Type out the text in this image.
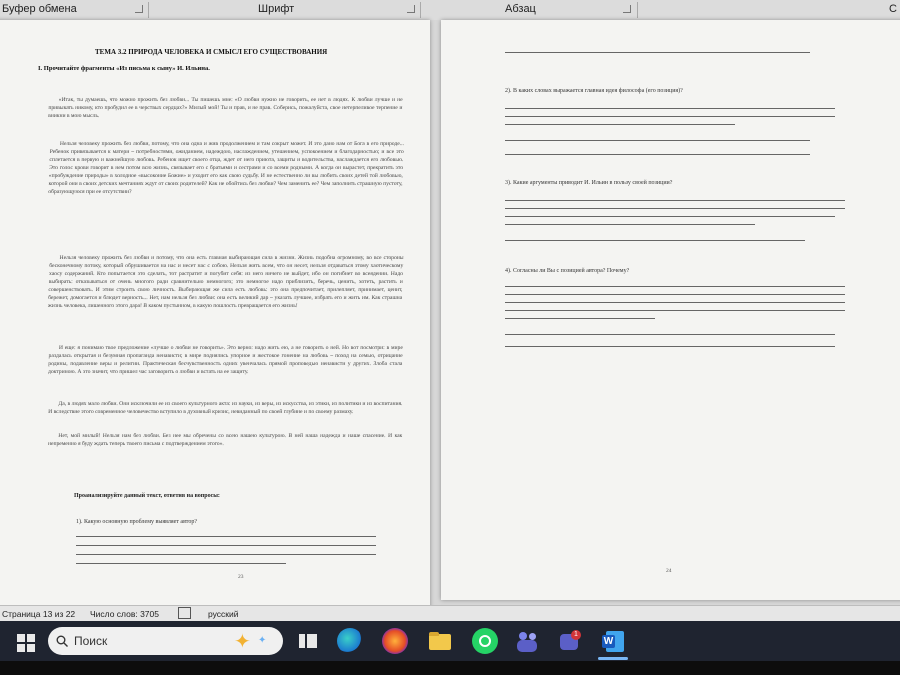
Буфер обмена	Шрифт	Абзац	С
ТЕМА 3.2 ПРИРОДА ЧЕЛОВЕКА И СМЫСЛ ЕГО СУЩЕСТВОВАНИЯ
I. Прочитайте фрагменты «Из письма к сыну» И. Ильина.
«Итак, ты думаешь, что можно прожить без любви... Ты пишешь мне: «О любви нужно не говорить, ее нет в людях. К любви лучше и не привыкать никому, кто пробудил ее в черствых сердцах?» Милый мой! Ты и прав, и не прав. Соберись, пожалуйста, свое нетерпеливое терпение и вникни в мою мысль.
Нельзя человеку прожить без любви, потому, что она одна и жив продолжением и там сокрыт может. И это дано нам от Бога в его природе... Ребенок привязывается к матери – потребностями, ожиданием, надеждою, наслаждением, утешением, успокоением и благодарностью; и все это сплетается в первую и важнейшую любовь. Ребенок ищет своего отца, ждет от него приюта, защиты и водительства, наслаждается его любовью. Это голос крови говорит в нем потом всю жизнь, связывает его с братьями и сестрами и со всеми родными. А когда он вырастет, прекратить это «пробуждение природы» в холодное «высоконие Божие» и уходит его как свою судьбу. И не естественно ли вы любить своих детей той любовью, которой они в своих детских мечтаниях ждут от своих родителей? Как не обойтись без любви? Чем заменить ее? Чем заполнить страшную пустоту, образующуюся при ее отсутствии?
Нельзя человеку прожить без любви и потому, что она есть главная выбирающая сила в жизни. Жизнь подобна огромному, во все стороны бесконечному потоку, который обрушивается на нас и несет нас с собою. Нельзя жить всем, что он несет, нельзя отдаваться этому хаотическому хаосу содержаний. Кто попытается это сделать, тот растратит и погубит себя: из него ничего не выйдет, ибо он погибнет во всеядении. Надо выбирать: отказываться от очень многого ради сравнительно немногого; это немногое надо приблизить, беречь, ценить, хотеть, растить и совершенствовать. И этим строить свою личность. Выбирающая же сила есть любовь: это она предпочитает, прилепляет, принимает, ценит, бережет, домогается и блюдет верность... Нет, нам нельзя без любви: она есть великий дар – указать лучшее, избрать его и жить им. Как страшна жизнь человека, лишенного этого дара! В каком пустынном, в какую пошлость превращается его жизнь!
И еще: я понимаю твое предложение «лучше о любви не говорить». Это верно: надо жить ею, а не говорить о ней. Но вот посмотри: в мире раздалась открытая и безумная пропаганда ненависти; в мире поднялись упорное и жестокое гонение на любовь – поход на семью, отрицание родины, подавление веры и религии. Практическая бесчувственность одних увенчалась прямой проповедью ненависти у других. Злоба стала доктриною. А это значит, что пришел час заговорить о любви и встать на ее защиту.
Да, в людях мало любви. Они исключили ее из своего культурного акта: из науки, из веры, из искусства, из этики, из политики и из воспитания. И вследствие этого современное человечество вступило в духовный кризис, невиданный по своей глубине и по своему размаху.
Нет, мой милый! Нельзя нам без любви. Без нее мы обречены со всею нашею культурою. В ней наша надежда и наше спасение. И как непременно я буду ждать теперь твоего письма с подтверждением этого».
Проанализируйте данный текст, ответив на вопросы:
1). Какую основную проблему выявляет автор?
23
2). В каких словах выражается главная идея философа (его позиция)?
3). Какие аргументы приводит И. Ильин в пользу своей позиции?
4). Согласны ли Вы с позицией автора? Почему?
24
Страница 13 из 22 Число слов: 3705	русский
Поиск	✦ ✦
1
W
